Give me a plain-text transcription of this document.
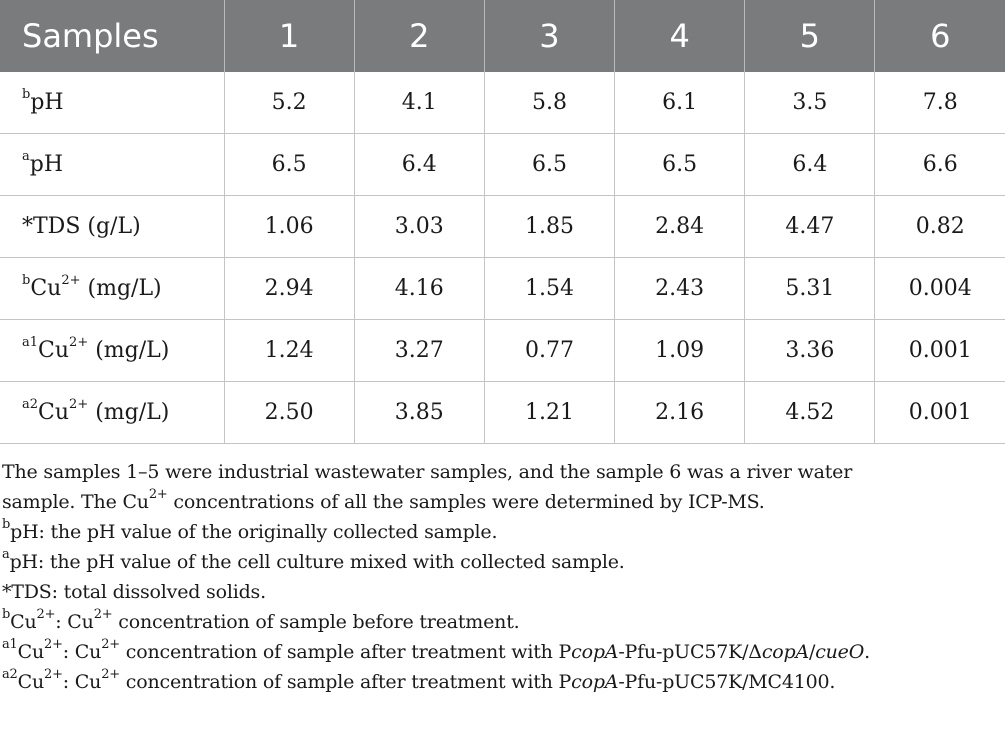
Samples	1	2	3	4	5	6
$^b$pH	5.2	4.1	5.8	6.1	3.5	7.8
$^a$pH	6.5	6.4	6.5	6.5	6.4	6.6
*TDS (g/L)	1.06	3.03	1.85	2.84	4.47	0.82
$^bCu^{2+}$ (mg/L)	2.94	4.16	1.54	2.43	5.31	0.004
$^{a1}Cu^{2+}$ (mg/L)	1.24	3.27	0.77	1.09	3.36	0.001
$^{a2}Cu^{2+}$ (mg/L)	2.50	3.85	1.21	2.16	4.52	0.001

The samples 1–5 were industrial wastewater samples, and the sample 6 was a river water

sample. The $Cu^{2+}$ concentrations of all the samples were determined by ICP-MS.

$^b$pH: the pH value of the originally collected sample.

$^a$pH: the pH value of the cell culture mixed with collected sample.

*TDS: total dissolved solids.

$^bCu^{2+}$: $Cu^{2+}$ concentration of sample before treatment.

$^{a1}Cu^{2+}$: $Cu^{2+}$ concentration of sample after treatment with PcopA-Pfu-pUC57K/ΔcopA/cueO.

$^{a2}Cu^{2+}$: $Cu^{2+}$ concentration of sample after treatment with PcopA-Pfu-pUC57K/MC4100.
